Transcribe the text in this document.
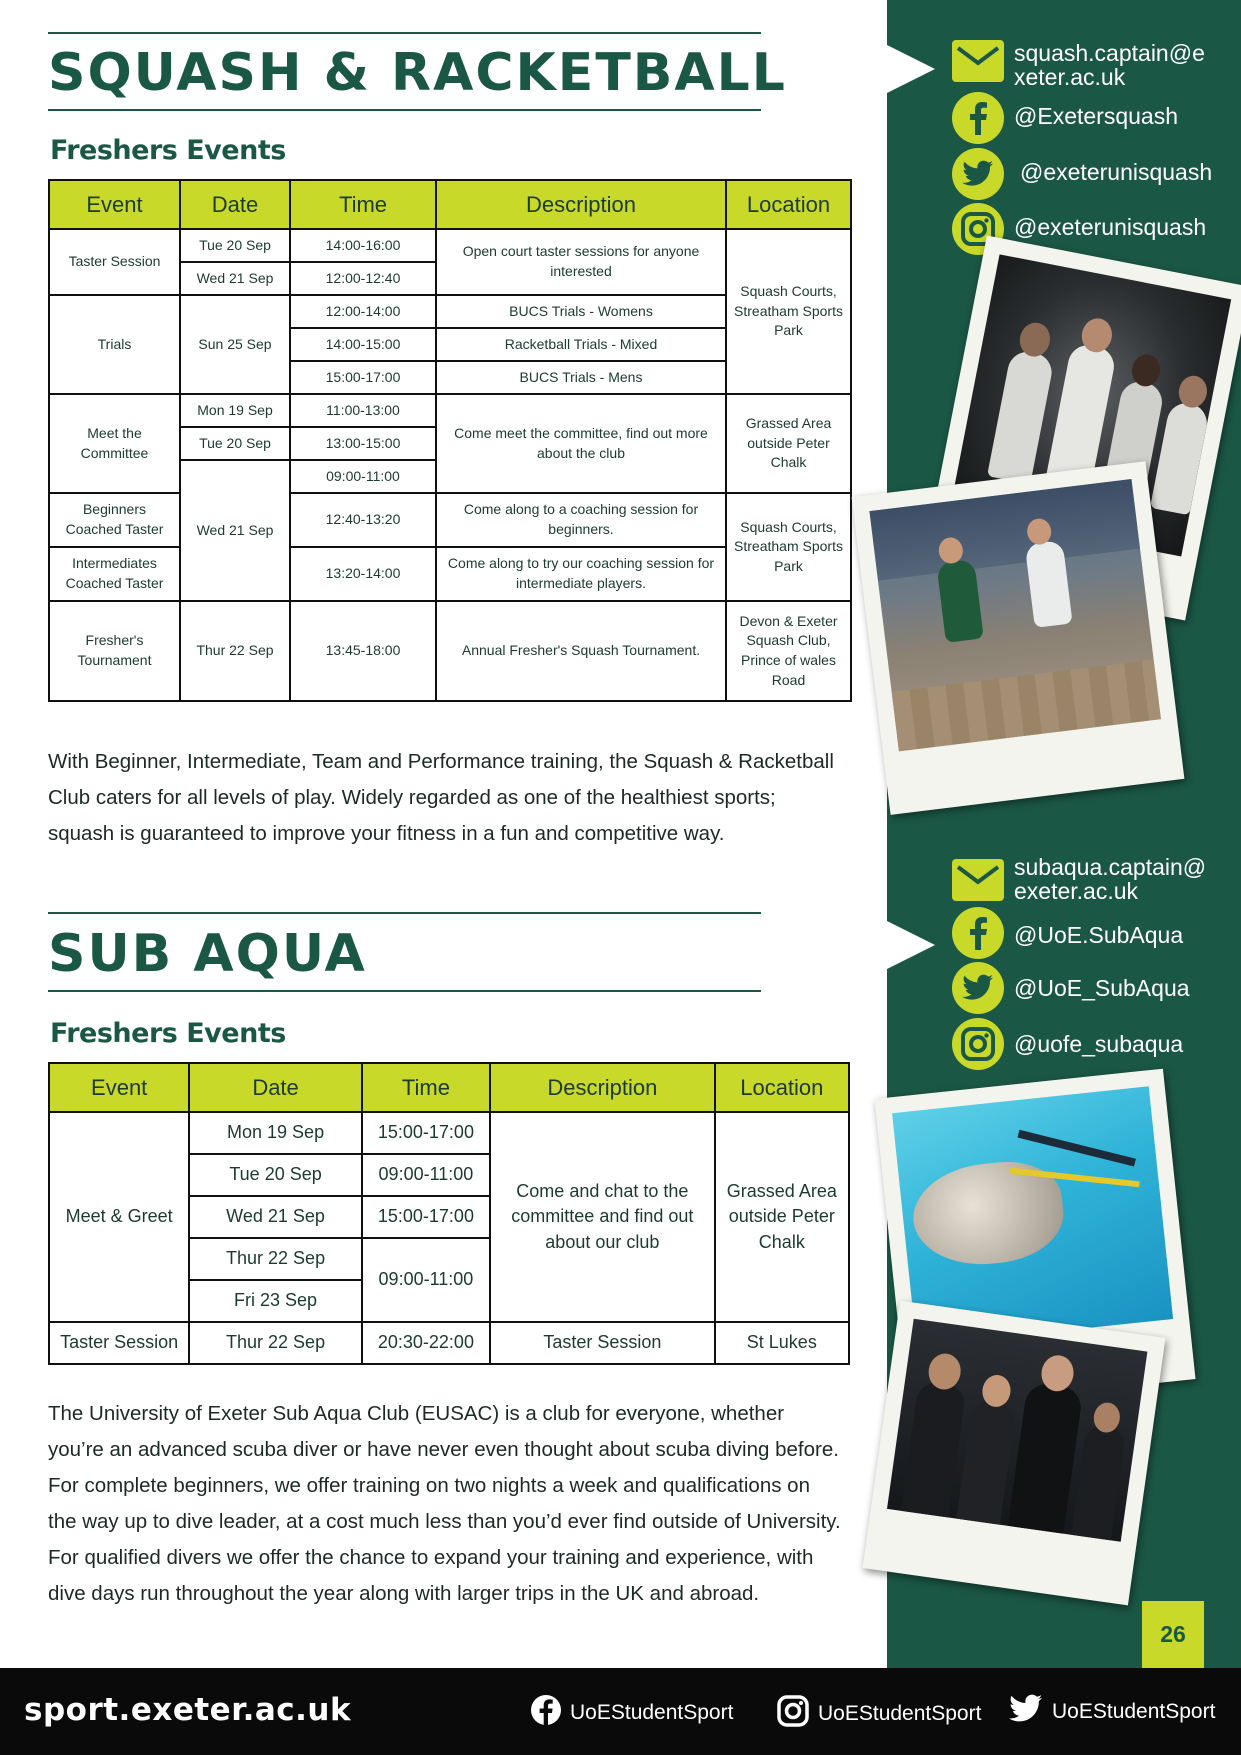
SQUASH & RACKETBALL
Freshers Events
Event	Date	Time	Description	Location
Taster Session	Tue 20 Sep	14:00-16:00	Open court taster sessions for anyone interested	Squash Courts, Streatham Sports Park
	Wed 21 Sep	12:00-12:40		
Trials	Sun 25 Sep	12:00-14:00	BUCS Trials - Womens	
		14:00-15:00	Racketball Trials - Mixed	
		15:00-17:00	BUCS Trials - Mens	
Meet the Committee	Mon 19 Sep	11:00-13:00	Come meet the committee, find out more about the club	Grassed Area outside Peter Chalk
	Tue 20 Sep	13:00-15:00		
	Wed 21 Sep	09:00-11:00		
Beginners Coached Taster		12:40-13:20	Come along to a coaching session for beginners.	Squash Courts, Streatham Sports Park

Intermediates Coached Taster		13:20-14:00	Come along to try our coaching session for intermediate players.	
Fresher's Tournament	Thur 22 Sep	13:45-18:00	Annual Fresher's Squash Tournament.	Devon & Exeter Squash Club, Prince of wales Road
With Beginner, Intermediate, Team and Performance training, the Squash & Racketball Club caters for all levels of play. Widely regarded as one of the healthiest sports; squash is guaranteed to improve your fitness in a fun and competitive way.
SUB AQUA
Freshers Events
Event	Date	Time	Description	Location
Meet & Greet	Mon 19 Sep	15:00-17:00	Come and chat to the committee and find out about our club	Grassed Area outside Peter Chalk
	Tue 20 Sep	09:00-11:00		
	Wed 21 Sep	15:00-17:00		
	Thur 22 Sep	09:00-11:00		
	Fri 23 Sep			
Taster Session	Thur 22 Sep	20:30-22:00	Taster Session	St Lukes
The University of Exeter Sub Aqua Club (EUSAC) is a club for everyone, whether you’re an advanced scuba diver or have never even thought about scuba diving before. For complete beginners, we offer training on two nights a week and qualifications on the way up to dive leader, at a cost much less than you’d ever find outside of University. For qualified divers we offer the chance to expand your training and experience, with dive days run throughout the year along with larger trips in the UK and abroad.
squash.captain@e
xeter.ac.uk
@Exetersquash
@exeterunisquash
@exeterunisquash
subaqua.captain@
exeter.ac.uk
@UoE.SubAqua
@UoE_SubAqua
@uofe_subaqua
26
sport.exeter.ac.uk	UoEStudentSport	UoEStudentSport	UoEStudentSport
